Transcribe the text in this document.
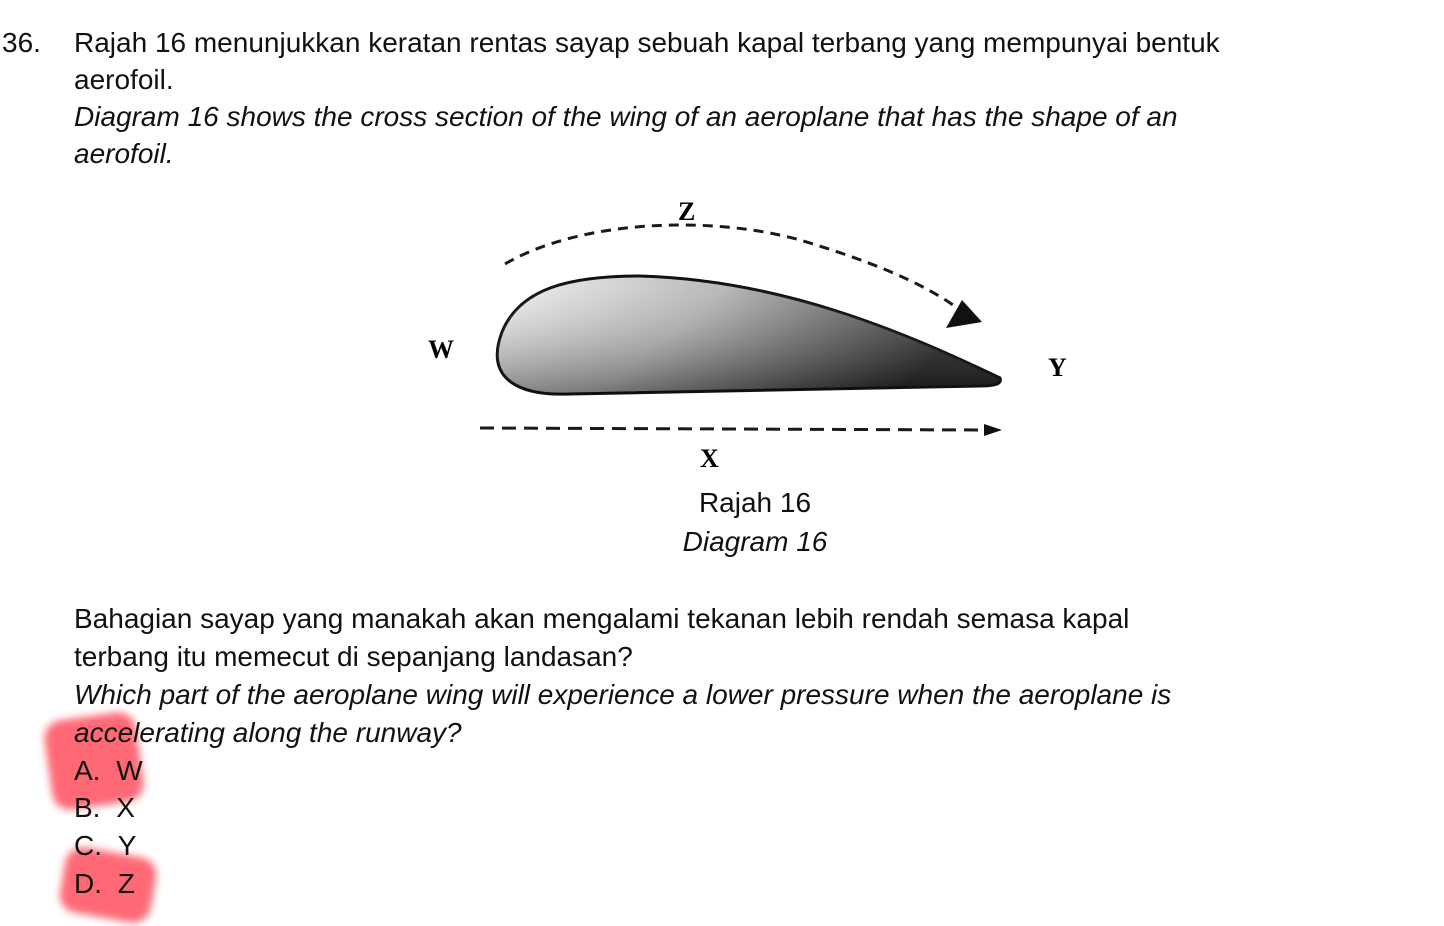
36. Rajah 16 menunjukkan keratan rentas sayap sebuah kapal terbang yang mempunyai bentuk
aerofoil.
Diagram 16 shows the cross section of the wing of an aeroplane that has the shape of an
aerofoil.
Z
W
Y
X
Rajah 16
Diagram 16
Bahagian sayap yang manakah akan mengalami tekanan lebih rendah semasa kapal
terbang itu memecut di sepanjang landasan?
Which part of the aeroplane wing will experience a lower pressure when the aeroplane is
accelerating along the runway?
A. W
B. X
C. Y
D. Z
